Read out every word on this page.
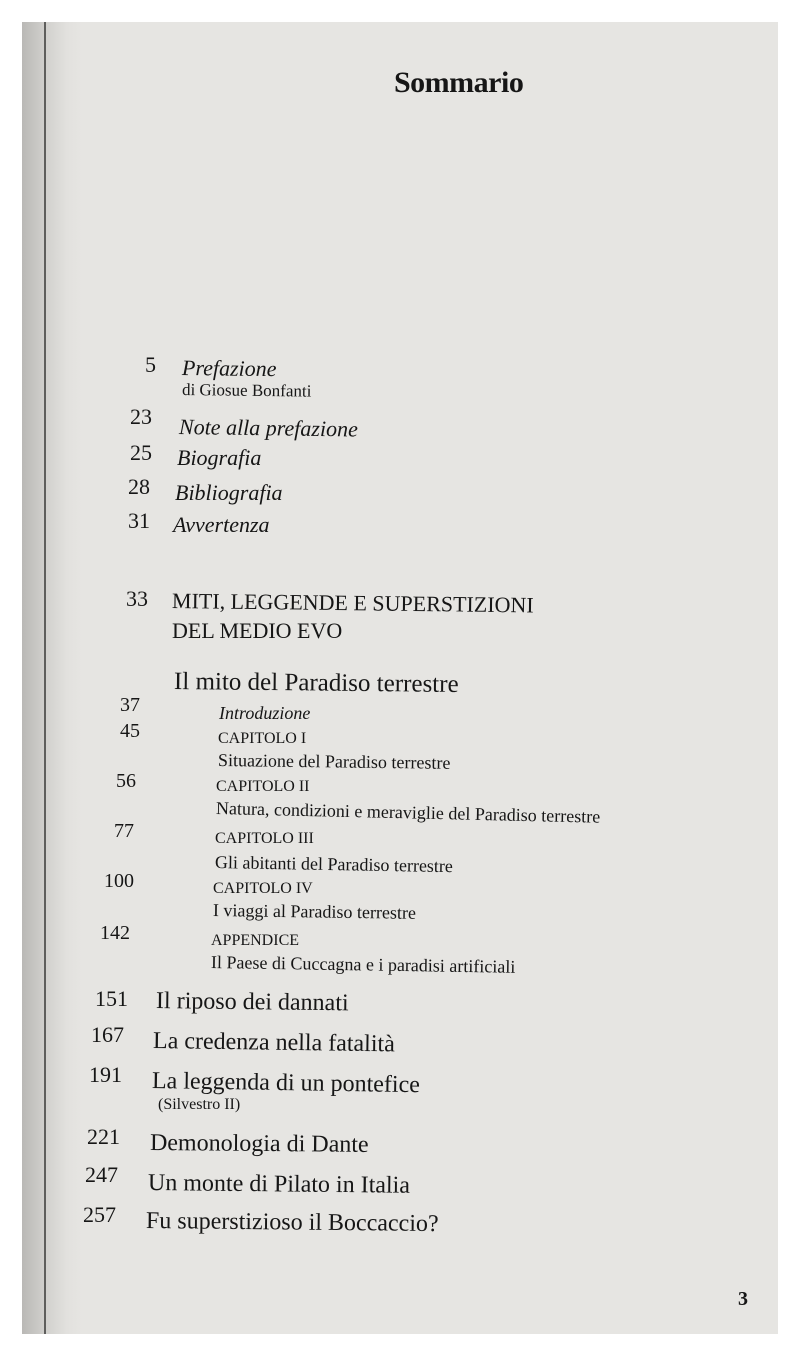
Sommario
5 Prefazione
di Giosue Bonfanti
23 Note alla prefazione
25 Biografia
28 Bibliografia
31 Avvertenza
33 MITI, LEGGENDE E SUPERSTIZIONI
DEL MEDIO EVO
Il mito del Paradiso terrestre
37	Introduzione
45	CAPITOLO I
Situazione del Paradiso terrestre
56	CAPITOLO II
Natura, condizioni e meraviglie del Paradiso terrestre
77	CAPITOLO III
Gli abitanti del Paradiso terrestre
100	CAPITOLO IV
I viaggi al Paradiso terrestre
142	APPENDICE
Il Paese di Cuccagna e i paradisi artificiali
151 Il riposo dei dannati
167 La credenza nella fatalità
191 La leggenda di un pontefice
(Silvestro II)
221 Demonologia di Dante
247 Un monte di Pilato in Italia
257 Fu superstizioso il Boccaccio?
3
